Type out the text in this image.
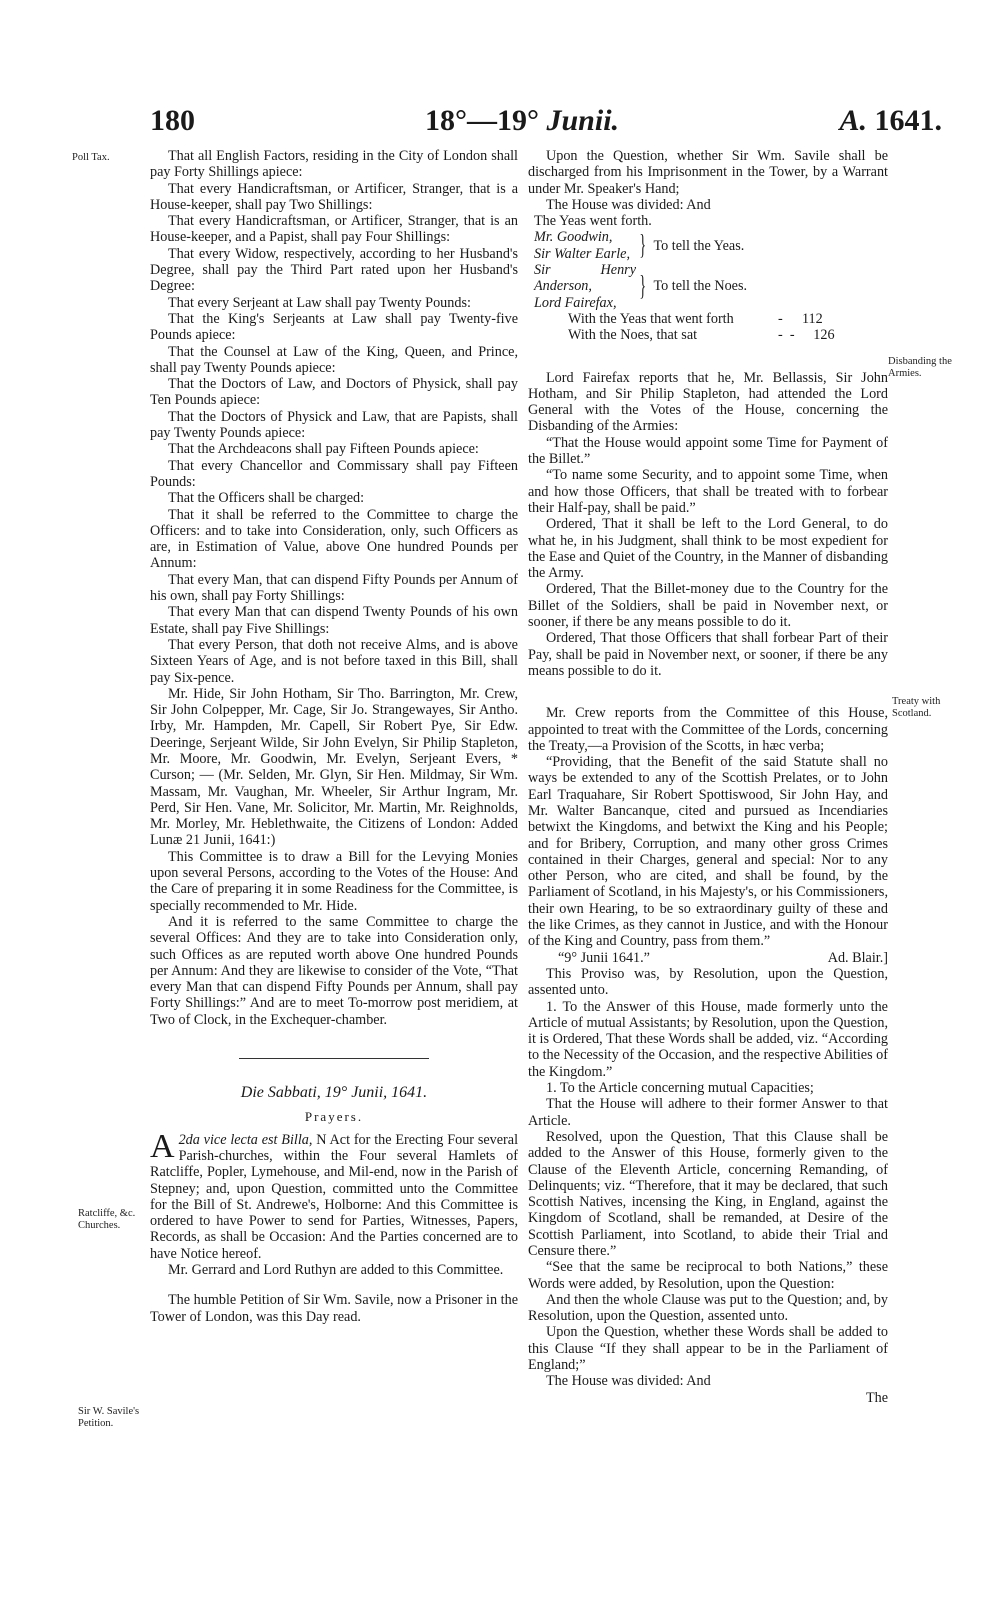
180	18°—19° Junii.	A. 1641.
Poll Tax.
Disbanding the Armies.
Treaty with Scotland.
Ratcliffe, &c. Churches.
Sir W. Savile's Petition.

That all English Factors, residing in the City of London shall pay Forty Shillings apiece:

That every Handicraftsman, or Artificer, Stranger, that is a House-keeper, shall pay Two Shillings:

That every Handicraftsman, or Artificer, Stranger, that is an House-keeper, and a Papist, shall pay Four Shillings:

That every Widow, respectively, according to her Husband's Degree, shall pay the Third Part rated upon her Husband's Degree:

That every Serjeant at Law shall pay Twenty Pounds:

That the King's Serjeants at Law shall pay Twenty-five Pounds apiece:

That the Counsel at Law of the King, Queen, and Prince, shall pay Twenty Pounds apiece:

That the Doctors of Law, and Doctors of Physick, shall pay Ten Pounds apiece:

That the Doctors of Physick and Law, that are Papists, shall pay Twenty Pounds apiece:

That the Archdeacons shall pay Fifteen Pounds apiece:

That every Chancellor and Commissary shall pay Fifteen Pounds:

That the Officers shall be charged:

That it shall be referred to the Committee to charge the Officers: and to take into Consideration, only, such Officers as are, in Estimation of Value, above One hundred Pounds per Annum:

That every Man, that can dispend Fifty Pounds per Annum of his own, shall pay Forty Shillings:

That every Man that can dispend Twenty Pounds of his own Estate, shall pay Five Shillings:

That every Person, that doth not receive Alms, and is above Sixteen Years of Age, and is not before taxed in this Bill, shall pay Six-pence.

Mr. Hide, Sir John Hotham, Sir Tho. Barrington, Mr. Crew, Sir John Colpepper, Mr. Cage, Sir Jo. Strangewayes, Sir Antho. Irby, Mr. Hampden, Mr. Capell, Sir Robert Pye, Sir Edw. Deeringe, Serjeant Wilde, Sir John Evelyn, Sir Philip Stapleton, Mr. Moore, Mr. Goodwin, Mr. Evelyn, Serjeant Evers, * Curson; — (Mr. Selden, Mr. Glyn, Sir Hen. Mildmay, Sir Wm. Massam, Mr. Vaughan, Mr. Wheeler, Sir Arthur Ingram, Mr. Perd, Sir Hen. Vane, Mr. Solicitor, Mr. Martin, Mr. Reighnolds, Mr. Morley, Mr. Heblethwaite, the Citizens of London: Added Lunæ 21 Junii, 1641:)

This Committee is to draw a Bill for the Levying Monies upon several Persons, according to the Votes of the House: And the Care of preparing it in some Readiness for the Committee, is specially recommended to Mr. Hide.

And it is referred to the same Committee to charge the several Offices: And they are to take into Consideration only, such Offices as are reputed worth above One hundred Pounds per Annum: And they are likewise to consider of the Vote, “That every Man that can dispend Fifty Pounds per Annum, shall pay Forty Shillings:” And are to meet To-morrow post meridiem, at Two of Clock, in the Exchequer-chamber.

Die Sabbati, 19° Junii, 1641.
Prayers.

2da vice lecta est Billa,
A	N Act for the Erecting Four several Parish-churches, within the Four several Hamlets of Ratcliffe, Popler, Lymehouse, and Mil-end, now in the Parish of Stepney; and, upon Question, committed unto the Committee for the Bill of St. Andrewe's, Holborne: And this Committee is ordered to have Power to send for Parties, Witnesses, Papers, Records, as shall be Occasion: And the Parties concerned are to have Notice hereof.

Mr. Gerrard and Lord Ruthyn are added to this Committee.

The humble Petition of Sir Wm. Savile, now a Prisoner in the Tower of London, was this Day read.

Upon the Question, whether Sir Wm. Savile shall be discharged from his Imprisonment in the Tower, by a Warrant under Mr. Speaker's Hand;

The House was divided: And

The Yeas went forth.

Mr. Goodwin,
Sir Walter Earle, } To tell the Yeas.
Sir Henry Anderson,
Lord Fairefax,
} To tell the Noes.
With the Yeas that went forth	-	112
With the Noes, that sat	-  -	126

Lord Fairefax reports that he, Mr. Bellassis, Sir John Hotham, and Sir Philip Stapleton, had attended the Lord General with the Votes of the House, concerning the Disbanding of the Armies:

“That the House would appoint some Time for Payment of the Billet.”

“To name some Security, and to appoint some Time, when and how those Officers, that shall be treated with to forbear their Half-pay, shall be paid.”

Ordered, That it shall be left to the Lord General, to do what he, in his Judgment, shall think to be most expedient for the Ease and Quiet of the Country, in the Manner of disbanding the Army.

Ordered, That the Billet-money due to the Country for the Billet of the Soldiers, shall be paid in November next, or sooner, if there be any means possible to do it.

Ordered, That those Officers that shall forbear Part of their Pay, shall be paid in November next, or sooner, if there be any means possible to do it.

Mr. Crew reports from the Committee of this House, appointed to treat with the Committee of the Lords, concerning the Treaty,—a Provision of the Scotts, in hæc verba;

“Providing, that the Benefit of the said Statute shall no ways be extended to any of the Scottish Prelates, or to John Earl Traquahare, Sir Robert Spottiswood, Sir John Hay, and Mr. Walter Bancanque, cited and pursued as Incendiaries betwixt the Kingdoms, and betwixt the King and his People; and for Bribery, Corruption, and many other gross Crimes contained in their Charges, general and special: Nor to any other Person, who are cited, and shall be found, by the Parliament of Scotland, in his Majesty's, or his Commissioners, their own Hearing, to be so extraordinary guilty of these and the like Crimes, as they cannot in Justice, and with the Honour of the King and Country, pass from them.”

“9° Junii 1641.”	Ad. Blair.]

This Proviso was, by Resolution, upon the Question, assented unto.

1. To the Answer of this House, made formerly unto the Article of mutual Assistants; by Resolution, upon the Question, it is Ordered, That these Words shall be added, viz. “According to the Necessity of the Occasion, and the respective Abilities of the Kingdom.”

1. To the Article concerning mutual Capacities;

That the House will adhere to their former Answer to that Article.

Resolved, upon the Question, That this Clause shall be added to the Answer of this House, formerly given to the Clause of the Eleventh Article, concerning Remanding, of Delinquents; viz. “Therefore, that it may be declared, that such Scottish Natives, incensing the King, in England, against the Kingdom of Scotland, shall be remanded, at Desire of the Scottish Parliament, into Scotland, to abide their Trial and Censure there.”

“See that the same be reciprocal to both Nations,” these Words were added, by Resolution, upon the Question:

And then the whole Clause was put to the Question; and, by Resolution, upon the Question, assented unto.

Upon the Question, whether these Words shall be added to this Clause “If they shall appear to be in the Parliament of England;”

The House was divided: And

The
